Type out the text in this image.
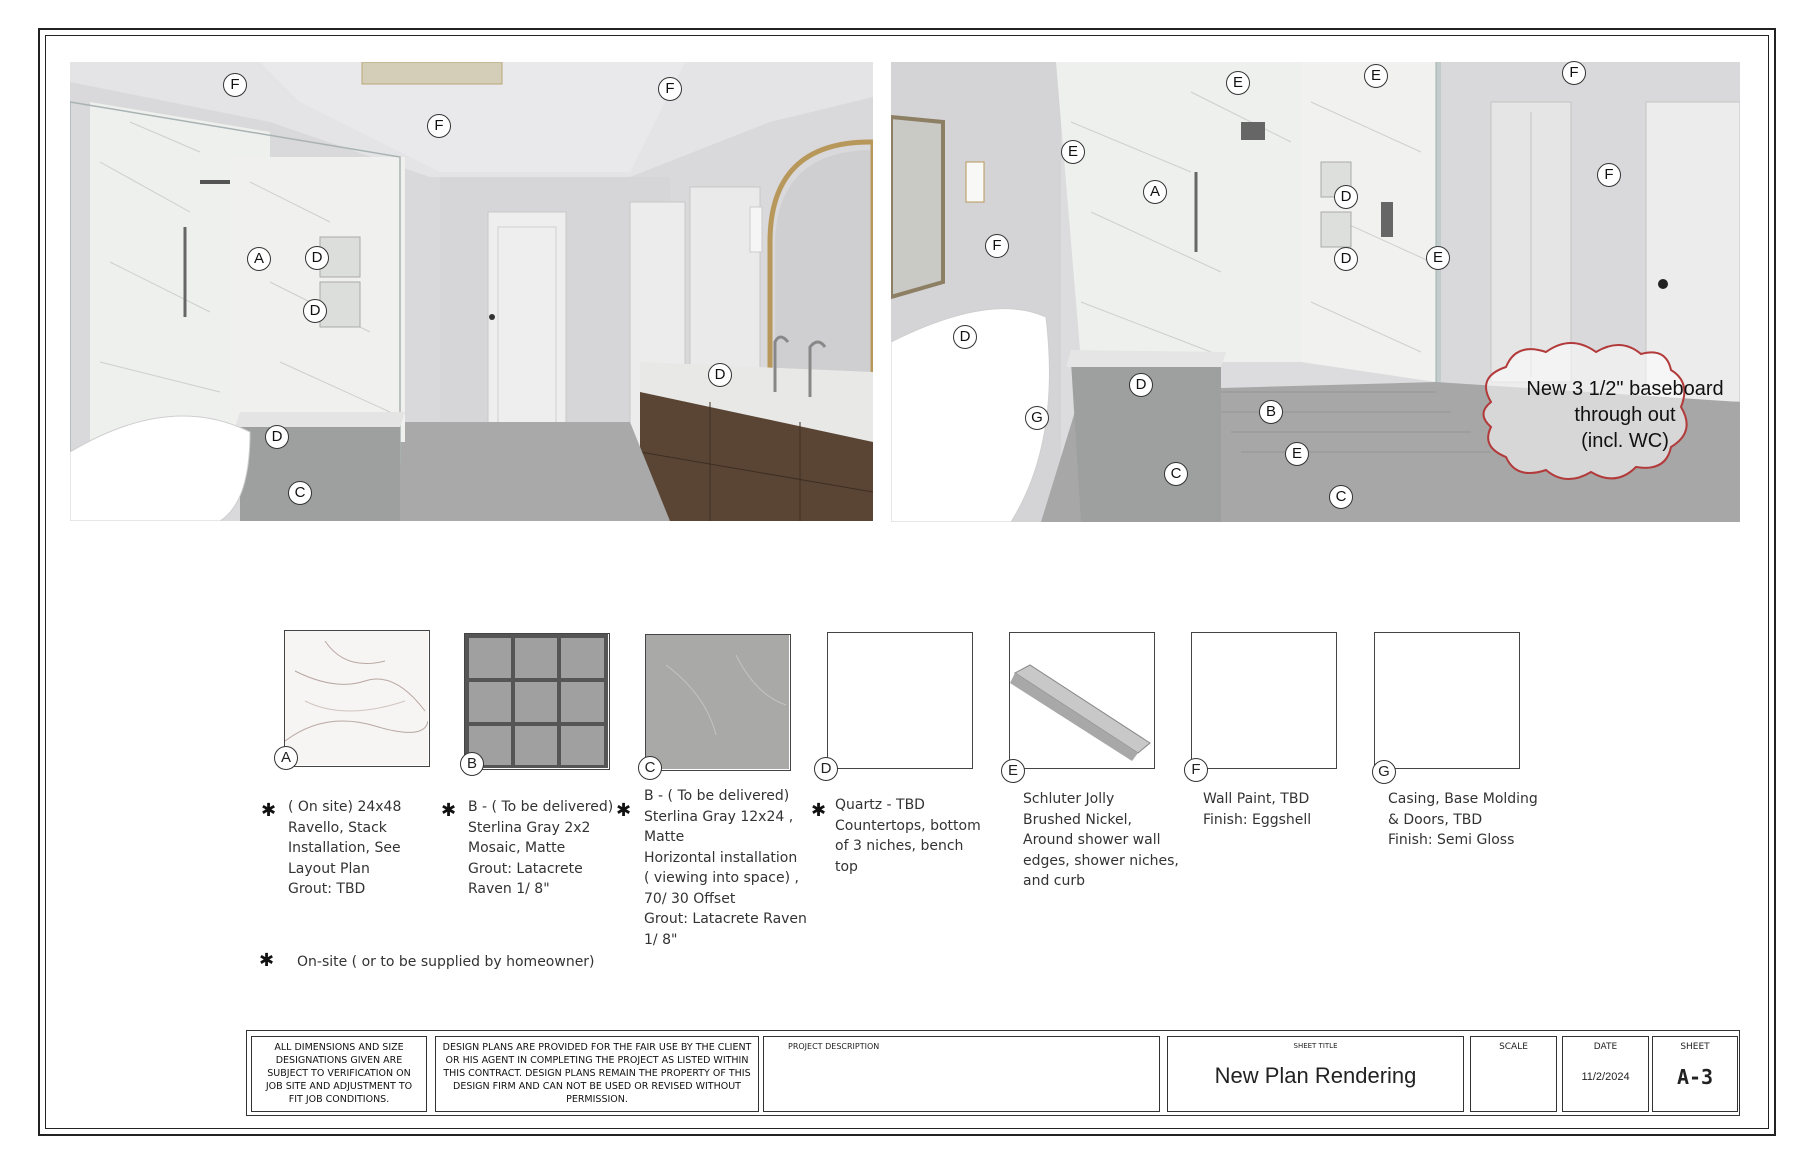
F	F
F
A	D
D
D
D
C
E	E	F
E
A	D
F
F
D	E
D
D
G	B
E
C
C
New 3 1/2" baseboard
through out
(incl. WC)
A	B	C	D	E	F	G
✱	✱	✱	✱
✱
( On site) 24x48
Ravello, Stack
Installation, See
Layout Plan
Grout: TBD
B - ( To be delivered)
Sterlina Gray 2x2
Mosaic, Matte
Grout: Latacrete
Raven 1/ 8"
B - ( To be delivered)
Sterlina Gray 12x24 ,
Matte
Horizontal installation
( viewing into space) ,
70/ 30 Offset
Grout: Latacrete Raven
1/ 8"
Quartz - TBD
Countertops, bottom
of 3 niches, bench
top
Schluter Jolly
Brushed Nickel,
Around shower wall
edges, shower niches,
and curb
Wall Paint, TBD
Finish: Eggshell
Casing, Base Molding
& Doors, TBD
Finish: Semi Gloss
On-site ( or to be supplied by homeowner)
ALL DIMENSIONS AND SIZE DESIGNATIONS GIVEN ARE SUBJECT TO VERIFICATION ON JOB SITE AND ADJUSTMENT TO FIT JOB CONDITIONS.
DESIGN PLANS ARE PROVIDED FOR THE FAIR USE BY THE CLIENT OR HIS AGENT IN COMPLETING THE PROJECT AS LISTED WITHIN THIS CONTRACT. DESIGN PLANS REMAIN THE PROPERTY OF THIS DESIGN FIRM AND CAN NOT BE USED OR REVISED WITHOUT PERMISSION.
PROJECT DESCRIPTION	SHEET TITLE
New Plan Rendering
SCALE	DATE
11/2/2024
SHEET
A-3
